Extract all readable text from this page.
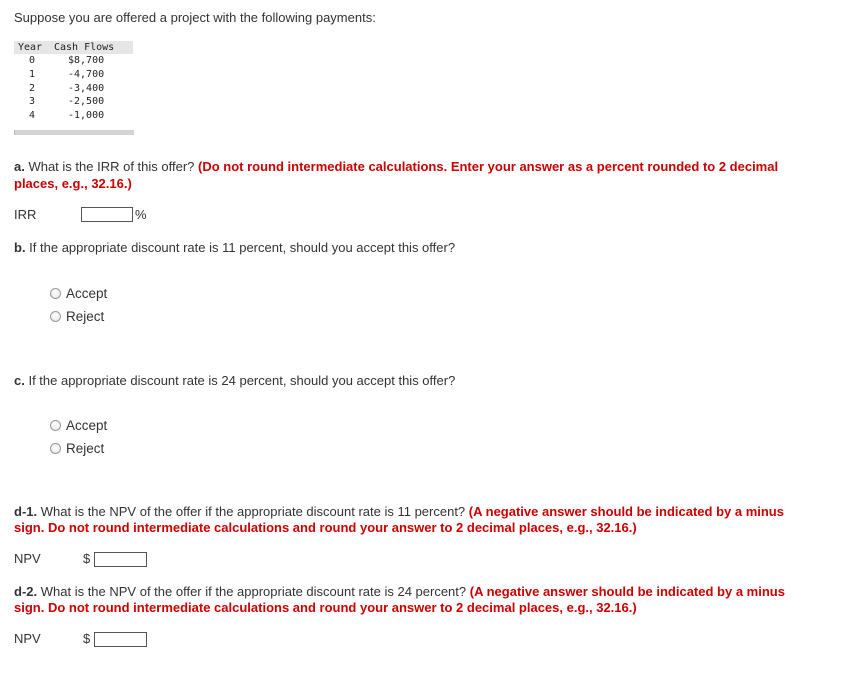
Suppose you are offered a project with the following payments:
Year	Cash Flows
0	$8,700
1	-4,700
2	-3,400
3	-2,500
4	-1,000
a. What is the IRR of this offer? (Do not round intermediate calculations. Enter your answer as a percent rounded to 2 decimal
places, e.g., 32.16.)
IRR	%
b. If the appropriate discount rate is 11 percent, should you accept this offer?
Accept
Reject
c. If the appropriate discount rate is 24 percent, should you accept this offer?
Accept
Reject
d-1. What is the NPV of the offer if the appropriate discount rate is 11 percent? (A negative answer should be indicated by a minus
sign. Do not round intermediate calculations and round your answer to 2 decimal places, e.g., 32.16.)
NPV	$
d-2. What is the NPV of the offer if the appropriate discount rate is 24 percent? (A negative answer should be indicated by a minus
sign. Do not round intermediate calculations and round your answer to 2 decimal places, e.g., 32.16.)
NPV	$
